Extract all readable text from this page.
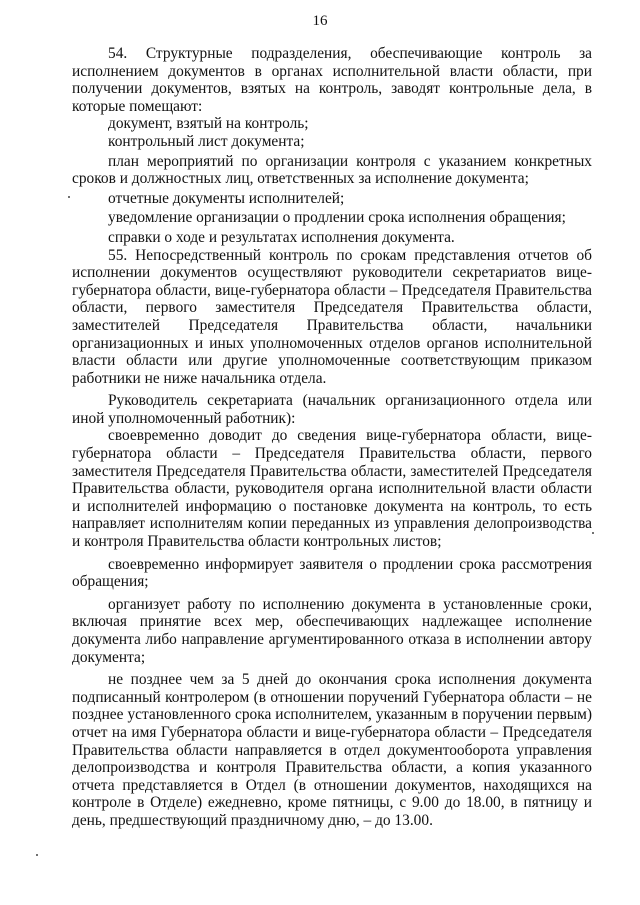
16

54. Структурные подразделения, обеспечивающие контроль за исполнением документов в органах исполнительной власти области, при получении документов, взятых на контроль, заводят контрольные дела, в которые помещают:

документ, взятый на контроль;

контрольный лист документа;

план мероприятий по организации контроля с указанием конкретных сроков и должностных лиц, ответственных за исполнение документа;

отчетные документы исполнителей;

уведомление организации о продлении срока исполнения обращения;

справки о ходе и результатах исполнения документа.

55. Непосредственный контроль по срокам представления отчетов об исполнении документов осуществляют руководители секретариатов вице-губернатора области, вице-губернатора области – Председателя Правительства области, первого заместителя Председателя Правительства области, заместителей Председателя Правительства области, начальники организационных и иных уполномоченных отделов органов исполнительной власти области или другие уполномоченные соответствующим приказом работники не ниже начальника отдела.

Руководитель секретариата (начальник организационного отдела или иной уполномоченный работник):

своевременно доводит до сведения вице-губернатора области, вице-губернатора области – Председателя Правительства области, первого заместителя Председателя Правительства области, заместителей Председателя Правительства области, руководителя органа исполнительной власти области и исполнителей информацию о постановке документа на контроль, то есть направляет исполнителям копии переданных из управления делопроизводства и контроля Правительства области контрольных листов;

своевременно информирует заявителя о продлении срока рассмотрения обращения;

организует работу по исполнению документа в установленные сроки, включая принятие всех мер, обеспечивающих надлежащее исполнение документа либо направление аргументированного отказа в исполнении автору документа;

не позднее чем за 5 дней до окончания срока исполнения документа подписанный контролером (в отношении поручений Губернатора области – не позднее установленного срока исполнителем, указанным в поручении первым) отчет на имя Губернатора области и вице-губернатора области – Председателя Правительства области направляется в отдел документооборота управления делопроизводства и контроля Правительства области, а копия указанного отчета представляется в Отдел (в отношении документов, находящихся на контроле в Отделе) ежедневно, кроме пятницы, с 9.00 до 18.00, в пятницу и день, предшествующий праздничному дню, – до 13.00.
